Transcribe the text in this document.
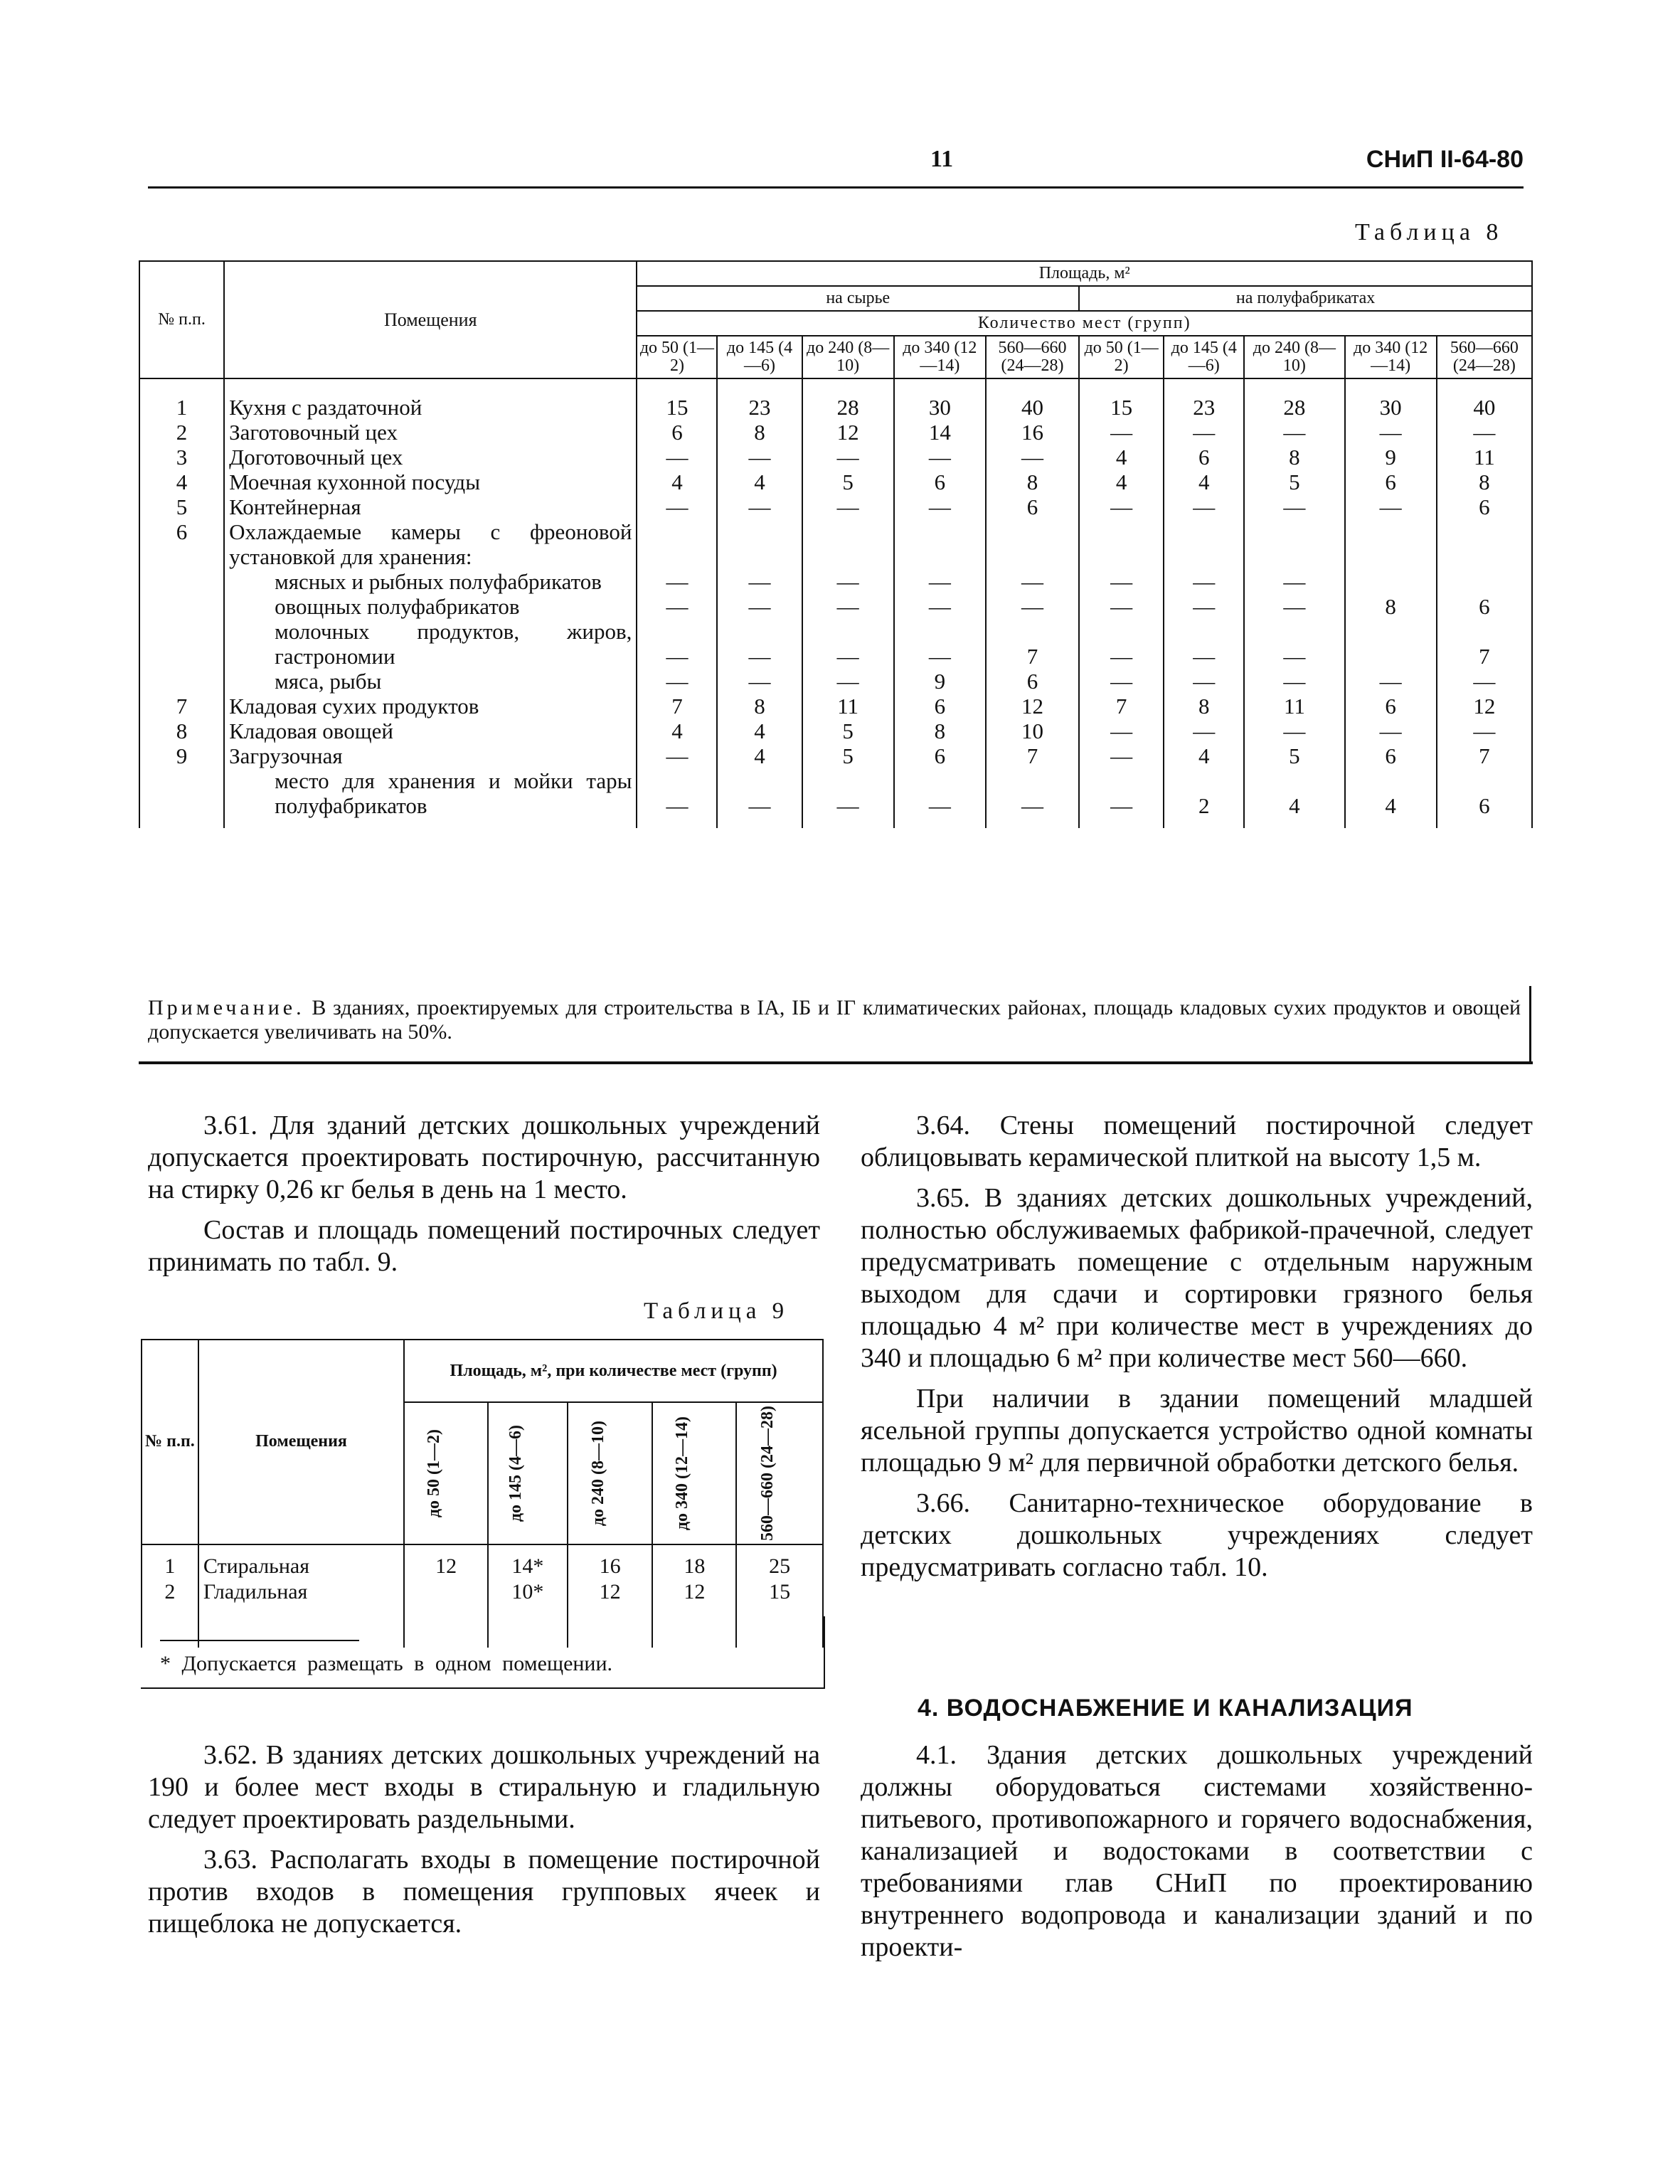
11	СНиП II-64-80
Таблица 8
№ п.п.	Помещения	Площадь, м²									
		на сырье					на полуфабрикатах				
		Количество мест (групп)									
		до 50 (1—2)	до 145 (4—6)	до 240 (8—10)	до 340 (12—14)	560—660 (24—28)	до 50 (1—2)	до 145 (4—6)	до 240 (8—10)	до 340 (12—14)	560—660 (24—28)
1	Кухня с раздаточной	15	23	28	30	40	15	23	28	30	40
2	Заготовочный цех	6	8	12	14	16	—	—	—	—	—
3	Доготовочный цех	—	—	—	—	—	4	6	8	9	11
4	Моечная кухонной посуды	4	4	5	6	8	4	4	5	6	8
5	Контейнерная	—	—	—	—	6	—	—	—	—	6
6	Охлаждаемые камеры с фреоновой установкой для хранения:										
	мясных и рыбных полуфабрикатов	—	—	—	—	—	—	—	—		
	овощных полуфабрикатов	—	—	—	—	—	—	—	—	8	6
	молочных продуктов, жиров, гастрономии	—	—	—	—	7	—	—	—		7
	мяса, рыбы	—	—	—	9	6	—	—	—	—	—
7	Кладовая сухих продуктов	7	8	11	6	12	7	8	11	6	12
8	Кладовая овощей	4	4	5	8	10	—	—	—	—	—
9	Загрузочная	—	4	5	6	7	—	4	5	6	7
	место для хранения и мойки тары полуфабрикатов	—	—	—	—	—	—	2	4	4	6
Примечание. В зданиях, проектируемых для строительства в IA, IБ и IГ климатических районах, площадь кладовых сухих продуктов и овощей допускается увеличивать на 50%.

3.61. Для зданий детских дошкольных учреждений допускается проектировать постирочную, рассчитанную на стирку 0,26 кг белья в день на 1 место.

Состав и площадь помещений постирочных следует принимать по табл. 9.

Таблица 9
№ п.п.	Помещения	Площадь, м², при количестве мест (групп)				

		до 50 (1—2)	до 145 (4—6)	до 240 (8—10)	до 340 (12—14)	560—660 (24—28)

1	Стиральная	12	14*	16	18	25
2	Гладильная		10*	12	12	15
* Допускается размещать в одном помещении.

3.62. В зданиях детских дошкольных учреждений на 190 и более мест входы в стиральную и гладильную следует проектировать раздельными.

3.63. Располагать входы в помещение постирочной против входов в помещения групповых ячеек и пищеблока не допускается.

3.64. Стены помещений постирочной следует облицовывать керамической плиткой на высоту 1,5 м.

3.65. В зданиях детских дошкольных учреждений, полностью обслуживаемых фабрикой-прачечной, следует предусматривать помещение с отдельным наружным выходом для сдачи и сортировки грязного белья площадью 4 м² при количестве мест в учреждениях до 340 и площадью 6 м² при количестве мест 560—660.

При наличии в здании помещений младшей ясельной группы допускается устройство одной комнаты площадью 9 м² для первичной обработки детского белья.

3.66. Санитарно-техническое оборудование в детских дошкольных учреждениях следует предусматривать согласно табл. 10.

4. ВОДОСНАБЖЕНИЕ И КАНАЛИЗАЦИЯ

4.1. Здания детских дошкольных учреждений должны оборудоваться системами хозяйственно-питьевого, противопожарного и горячего водоснабжения, канализацией и водостоками в соответствии с требованиями глав СНиП по проектированию внутреннего водопровода и канализации зданий и по проекти-
